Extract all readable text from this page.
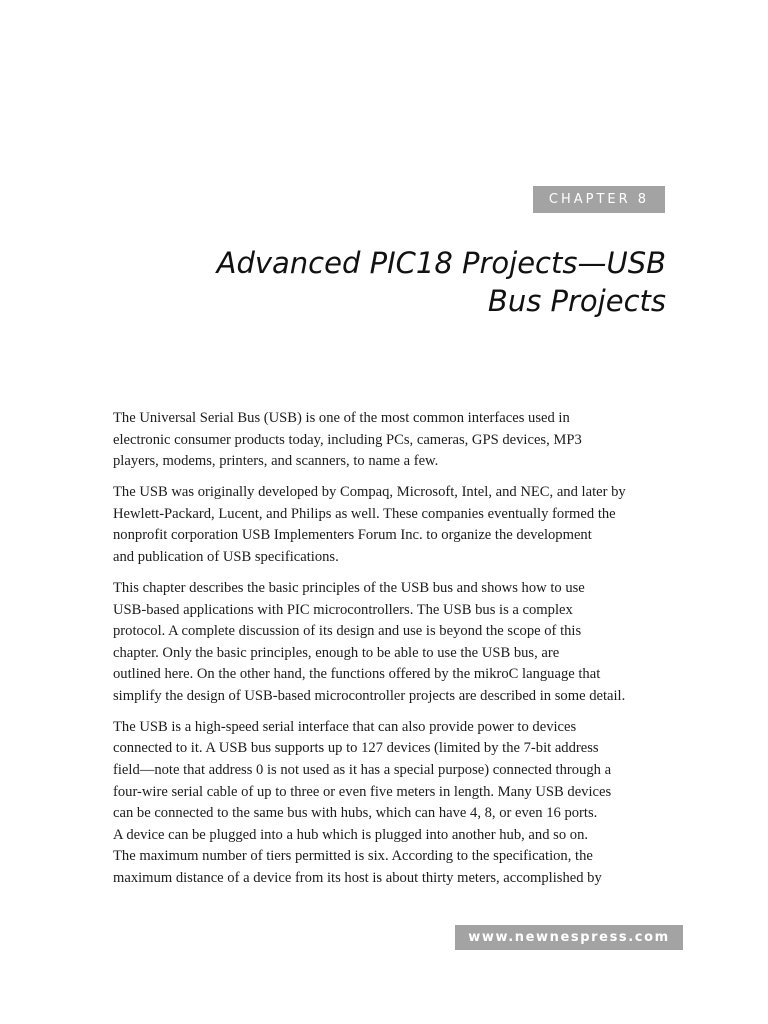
CHAPTER 8
Advanced PIC18 Projects—USB
Bus Projects

The Universal Serial Bus (USB) is one of the most common interfaces used in
electronic consumer products today, including PCs, cameras, GPS devices, MP3
players, modems, printers, and scanners, to name a few.

The USB was originally developed by Compaq, Microsoft, Intel, and NEC, and later by
Hewlett-Packard, Lucent, and Philips as well. These companies eventually formed the
nonprofit corporation USB Implementers Forum Inc. to organize the development
and publication of USB specifications.

This chapter describes the basic principles of the USB bus and shows how to use
USB-based applications with PIC microcontrollers. The USB bus is a complex
protocol. A complete discussion of its design and use is beyond the scope of this
chapter. Only the basic principles, enough to be able to use the USB bus, are
outlined here. On the other hand, the functions offered by the mikroC language that
simplify the design of USB-based microcontroller projects are described in some detail.

The USB is a high-speed serial interface that can also provide power to devices
connected to it. A USB bus supports up to 127 devices (limited by the 7-bit address
field—note that address 0 is not used as it has a special purpose) connected through a
four-wire serial cable of up to three or even five meters in length. Many USB devices
can be connected to the same bus with hubs, which can have 4, 8, or even 16 ports.
A device can be plugged into a hub which is plugged into another hub, and so on.
The maximum number of tiers permitted is six. According to the specification, the
maximum distance of a device from its host is about thirty meters, accomplished by

www.newnespress.com
